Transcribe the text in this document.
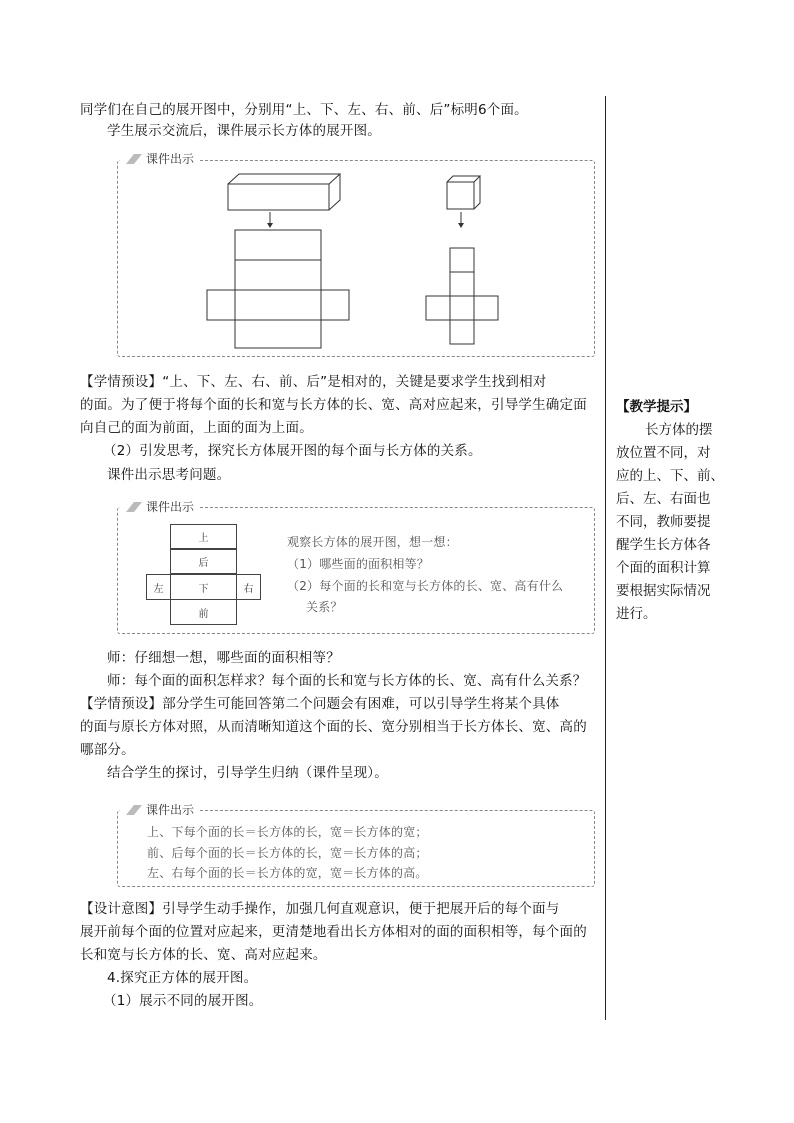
同学们在自己的展开图中，分别用“上、下、左、右、前、后”标明6个面。
学生展示交流后，课件展示长方体的展开图。
课件出示
【学情预设】“上、下、左、右、前、后”是相对的，关键是要求学生找到相对
的面。为了便于将每个面的长和宽与长方体的长、宽、高对应起来，引导学生确定面
向自己的面为前面，上面的面为上面。
（2）引发思考，探究长方体展开图的每个面与长方体的关系。
课件出示思考问题。
课件出示
上
后
左	下	右
前
观察长方体的展开图，想一想：
（1）哪些面的面积相等？
（2）每个面的长和宽与长方体的长、宽、高有什么
关系？
师：仔细想一想，哪些面的面积相等？
师：每个面的面积怎样求？每个面的长和宽与长方体的长、宽、高有什么关系？
【学情预设】部分学生可能回答第二个问题会有困难，可以引导学生将某个具体
的面与原长方体对照，从而清晰知道这个面的长、宽分别相当于长方体长、宽、高的
哪部分。
结合学生的探讨，引导学生归纳（课件呈现）。
课件出示
上、下每个面的长＝长方体的长，宽＝长方体的宽；
前、后每个面的长＝长方体的长，宽＝长方体的高；
左、右每个面的长＝长方体的宽，宽＝长方体的高。
【设计意图】引导学生动手操作，加强几何直观意识，便于把展开后的每个面与
展开前每个面的位置对应起来，更清楚地看出长方体相对的面的面积相等，每个面的
长和宽与长方体的长、宽、高对应起来。
4.探究正方体的展开图。
（1）展示不同的展开图。
【教学提示】
长方体的摆
放位置不同，对
应的上、下、前、
后、左、右面也
不同，教师要提
醒学生长方体各
个面的面积计算
要根据实际情况
进行。
